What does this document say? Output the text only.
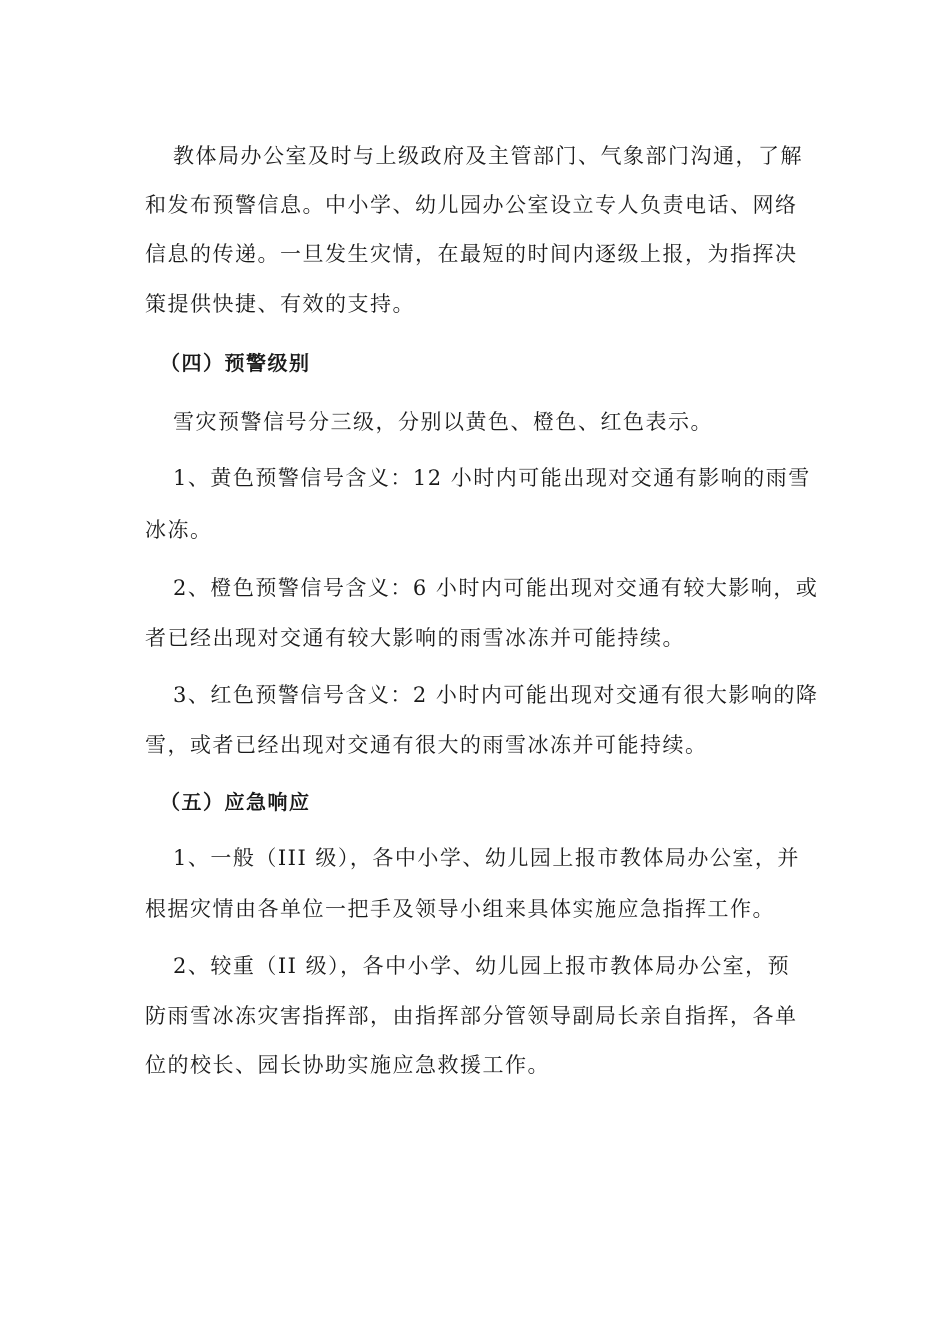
教体局办公室及时与上级政府及主管部门、气象部门沟通，了解
和发布预警信息。中小学、幼儿园办公室设立专人负责电话、网络
信息的传递。一旦发生灾情，在最短的时间内逐级上报，为指挥决
策提供快捷、有效的支持。
（四）预警级别
雪灾预警信号分三级，分别以黄色、橙色、红色表示。
1、黄色预警信号含义：12 小时内可能出现对交通有影响的雨雪
冰冻。
2、橙色预警信号含义：6 小时内可能出现对交通有较大影响，或
者已经出现对交通有较大影响的雨雪冰冻并可能持续。
3、红色预警信号含义：2 小时内可能出现对交通有很大影响的降
雪，或者已经出现对交通有很大的雨雪冰冻并可能持续。
（五）应急响应
1、一般（III 级），各中小学、幼儿园上报市教体局办公室，并
根据灾情由各单位一把手及领导小组来具体实施应急指挥工作。
2、较重（II 级），各中小学、幼儿园上报市教体局办公室，预
防雨雪冰冻灾害指挥部，由指挥部分管领导副局长亲自指挥，各单
位的校长、园长协助实施应急救援工作。
